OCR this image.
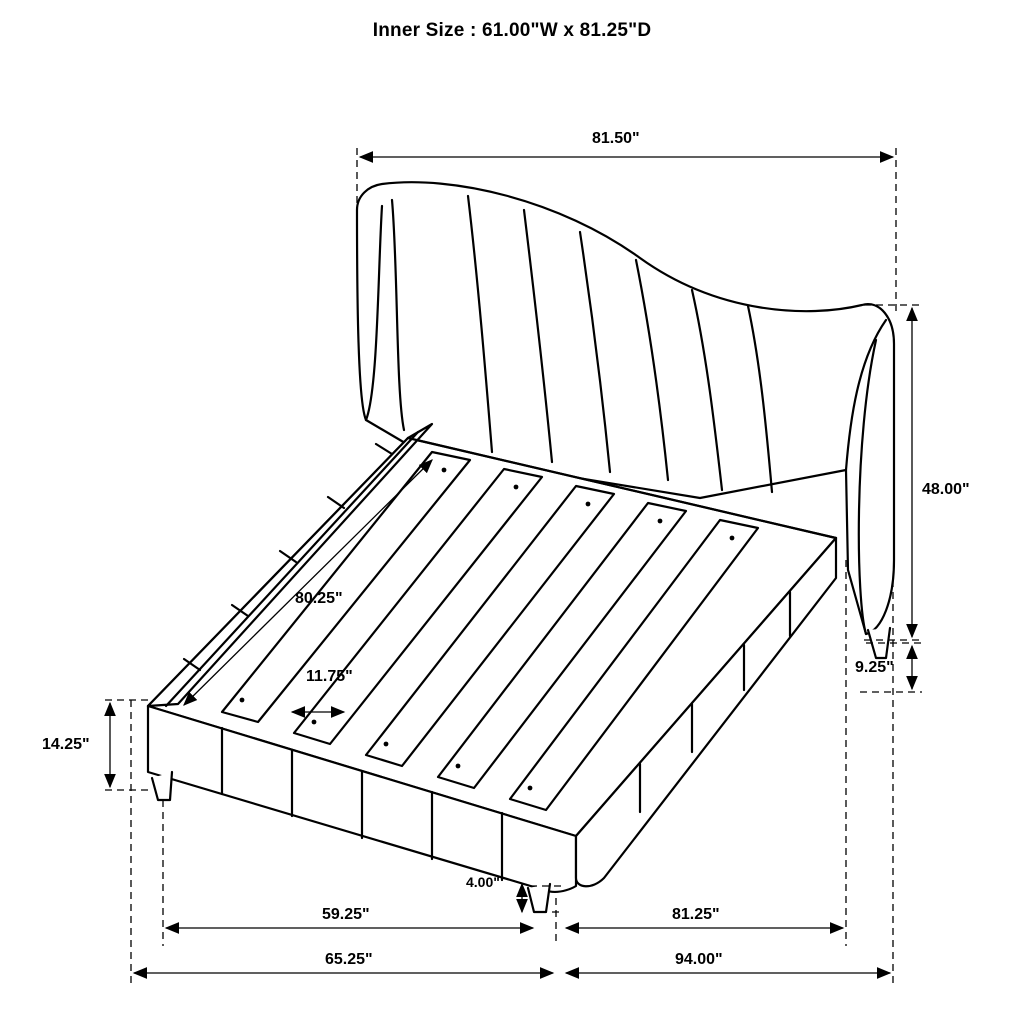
Inner Size : 61.00"W x 81.25"D
81.50"
48.00"
9.25"
80.25"
11.75"
14.25"
4.00"
59.25"	81.25"
65.25"	94.00"
